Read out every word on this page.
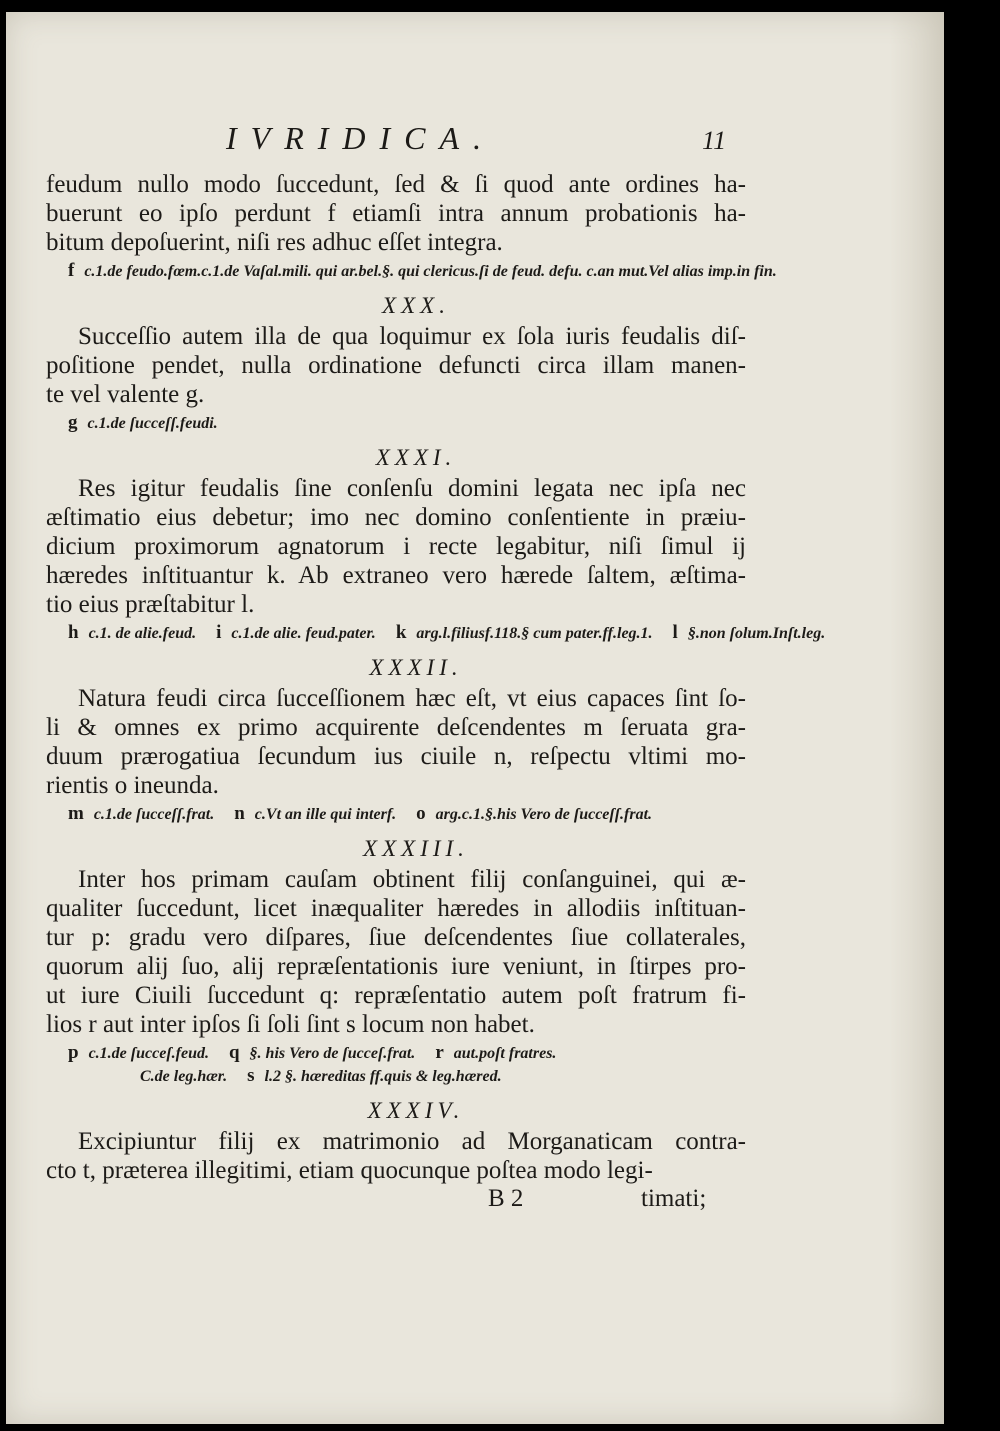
IVRIDICA.	11
feudum nullo modo ſuccedunt, ſed & ſi quod ante ordines ha-
buerunt eo ipſo perdunt f etiamſi intra annum probationis ha-
bitum depoſuerint, niſi res adhuc eſſet integra.
f c.1.de feudo.fœm.c.1.de Vaſal.mili. qui ar.bel.§. qui clericus.ſi de feud. defu. c.an mut.Vel alias imp.in fin.
XXX.
Succeſſio autem illa de qua loquimur ex ſola iuris feudalis diſ-
poſitione pendet, nulla ordinatione defuncti circa illam manen-
te vel valente g.
g c.1.de ſucceſſ.feudi.
XXXI.
Res igitur feudalis ſine conſenſu domini legata nec ipſa nec
æſtimatio eius debetur; imo nec domino conſentiente in præiu-
dicium proximorum agnatorum i recte legabitur, niſi ſimul ij
hæredes inſtituantur k. Ab extraneo vero hærede ſaltem, æſtima-
tio eius præſtabitur l.
h c.1. de alie.feud. i c.1.de alie. feud.pater. k arg.l.filiusf.118.§ cum pater.ff.leg.1. l §.non ſolum.Inſt.leg.
XXXII.
Natura feudi circa ſucceſſionem hæc eſt, vt eius capaces ſint ſo-
li & omnes ex primo acquirente deſcendentes m ſeruata gra-
duum prærogatiua ſecundum ius ciuile n, reſpectu vltimi mo-
rientis o ineunda.
m c.1.de ſucceſſ.frat. n c.Vt an ille qui interf. o arg.c.1.§.his Vero de ſucceſſ.frat.
XXXIII.
Inter hos primam cauſam obtinent filij conſanguinei, qui æ-
qualiter ſuccedunt, licet inæqualiter hæredes in allodiis inſtituan-
tur p: gradu vero diſpares, ſiue deſcendentes ſiue collaterales,
quorum alij ſuo, alij repræſentationis iure veniunt, in ſtirpes pro-
ut iure Ciuili ſuccedunt q: repræſentatio autem poſt fratrum fi-
lios r aut inter ipſos ſi ſoli ſint s locum non habet.
p c.1.de ſucceſ.feud. q §. his Vero de ſucceſ.frat. r aut.poſt fratres.
C.de leg.hær. s l.2 §. hæreditas ff.quis & leg.hæred.
XXXIV.
Excipiuntur filij ex matrimonio ad Morganaticam contra-
cto t, præterea illegitimi, etiam quocunque poſtea modo legi-
B 2	timati;
